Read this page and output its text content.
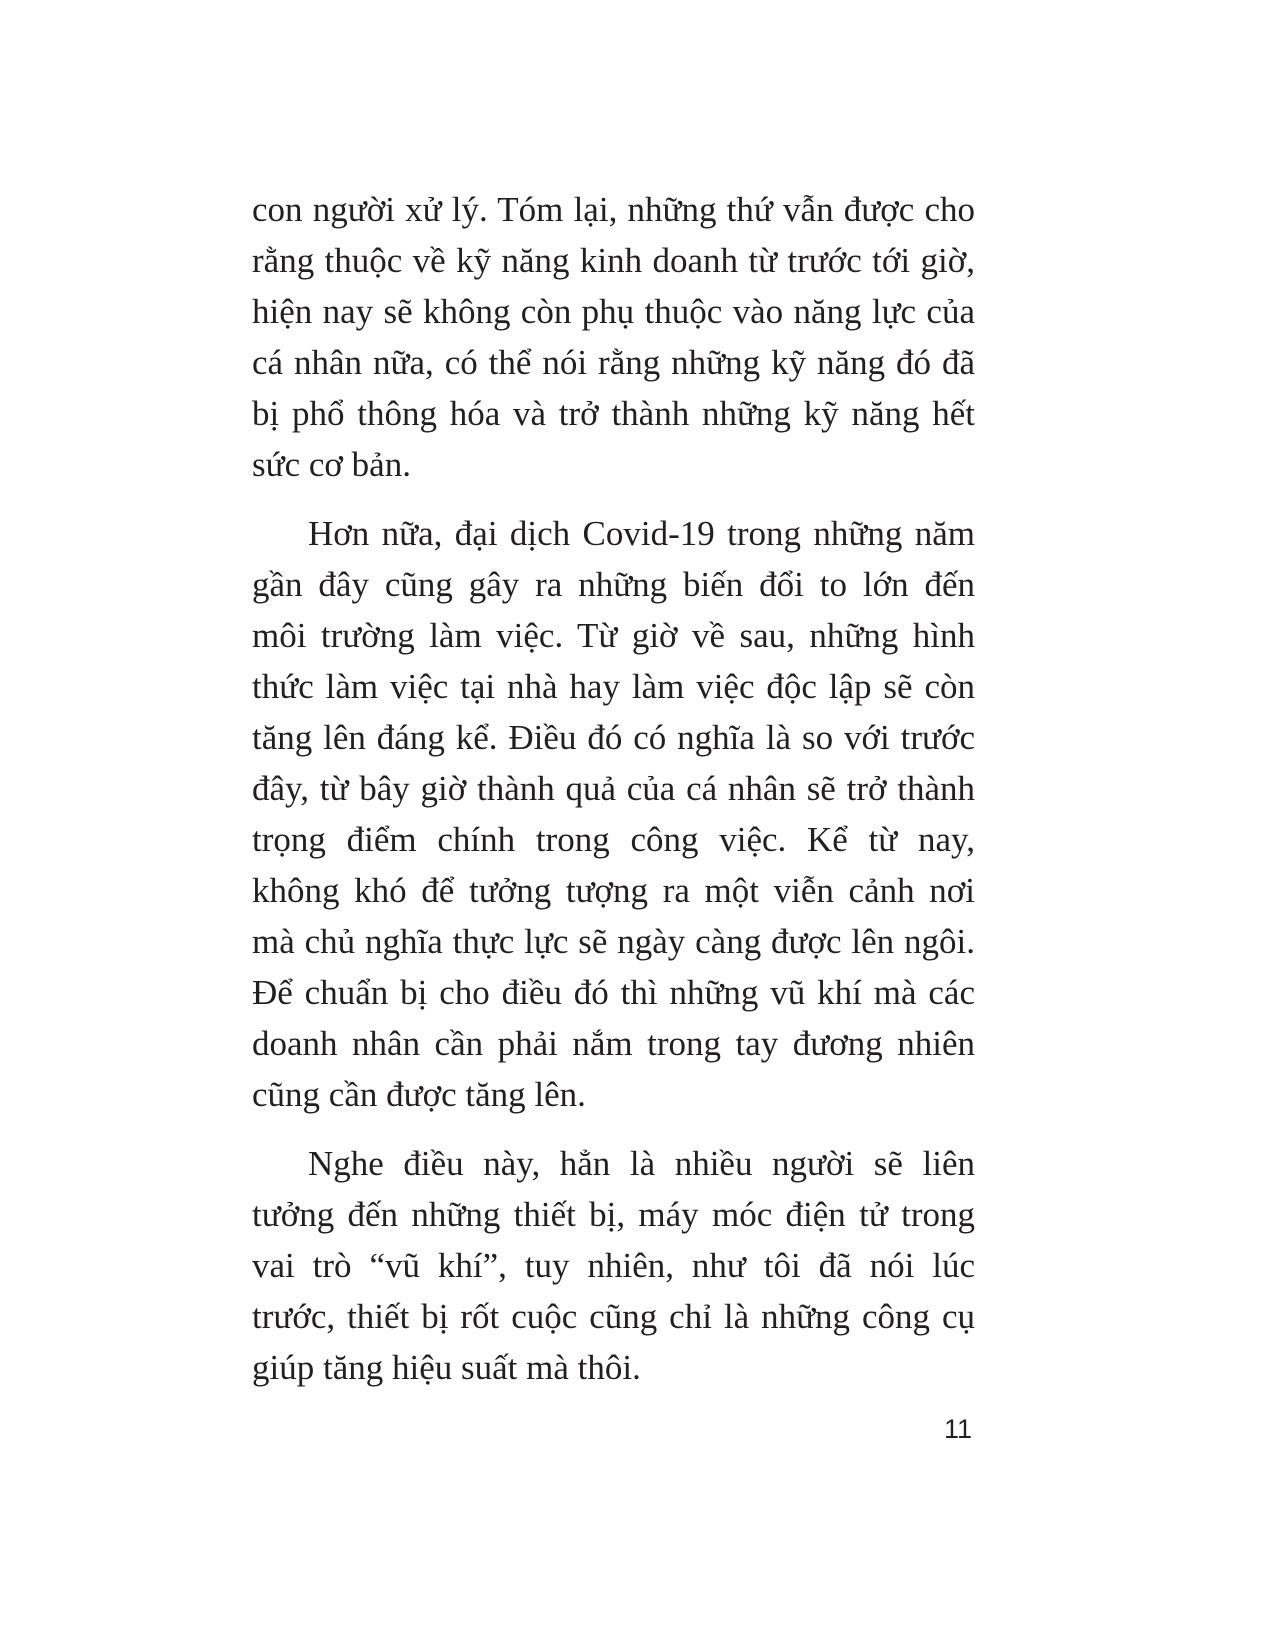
con người xử lý. Tóm lại, những thứ vẫn được cho
rằng thuộc về kỹ năng kinh doanh từ trước tới giờ,
hiện nay sẽ không còn phụ thuộc vào năng lực của
cá nhân nữa, có thể nói rằng những kỹ năng đó đã
bị phổ thông hóa và trở thành những kỹ năng hết
sức cơ bản.
Hơn nữa, đại dịch Covid-19 trong những năm
gần đây cũng gây ra những biến đổi to lớn đến
môi trường làm việc. Từ giờ về sau, những hình
thức làm việc tại nhà hay làm việc độc lập sẽ còn
tăng lên đáng kể. Điều đó có nghĩa là so với trước
đây, từ bây giờ thành quả của cá nhân sẽ trở thành
trọng điểm chính trong công việc. Kể từ nay,
không khó để tưởng tượng ra một viễn cảnh nơi
mà chủ nghĩa thực lực sẽ ngày càng được lên ngôi.
Để chuẩn bị cho điều đó thì những vũ khí mà các
doanh nhân cần phải nắm trong tay đương nhiên
cũng cần được tăng lên.
Nghe điều này, hẳn là nhiều người sẽ liên
tưởng đến những thiết bị, máy móc điện tử trong
vai trò “vũ khí”, tuy nhiên, như tôi đã nói lúc
trước, thiết bị rốt cuộc cũng chỉ là những công cụ
giúp tăng hiệu suất mà thôi.
11
